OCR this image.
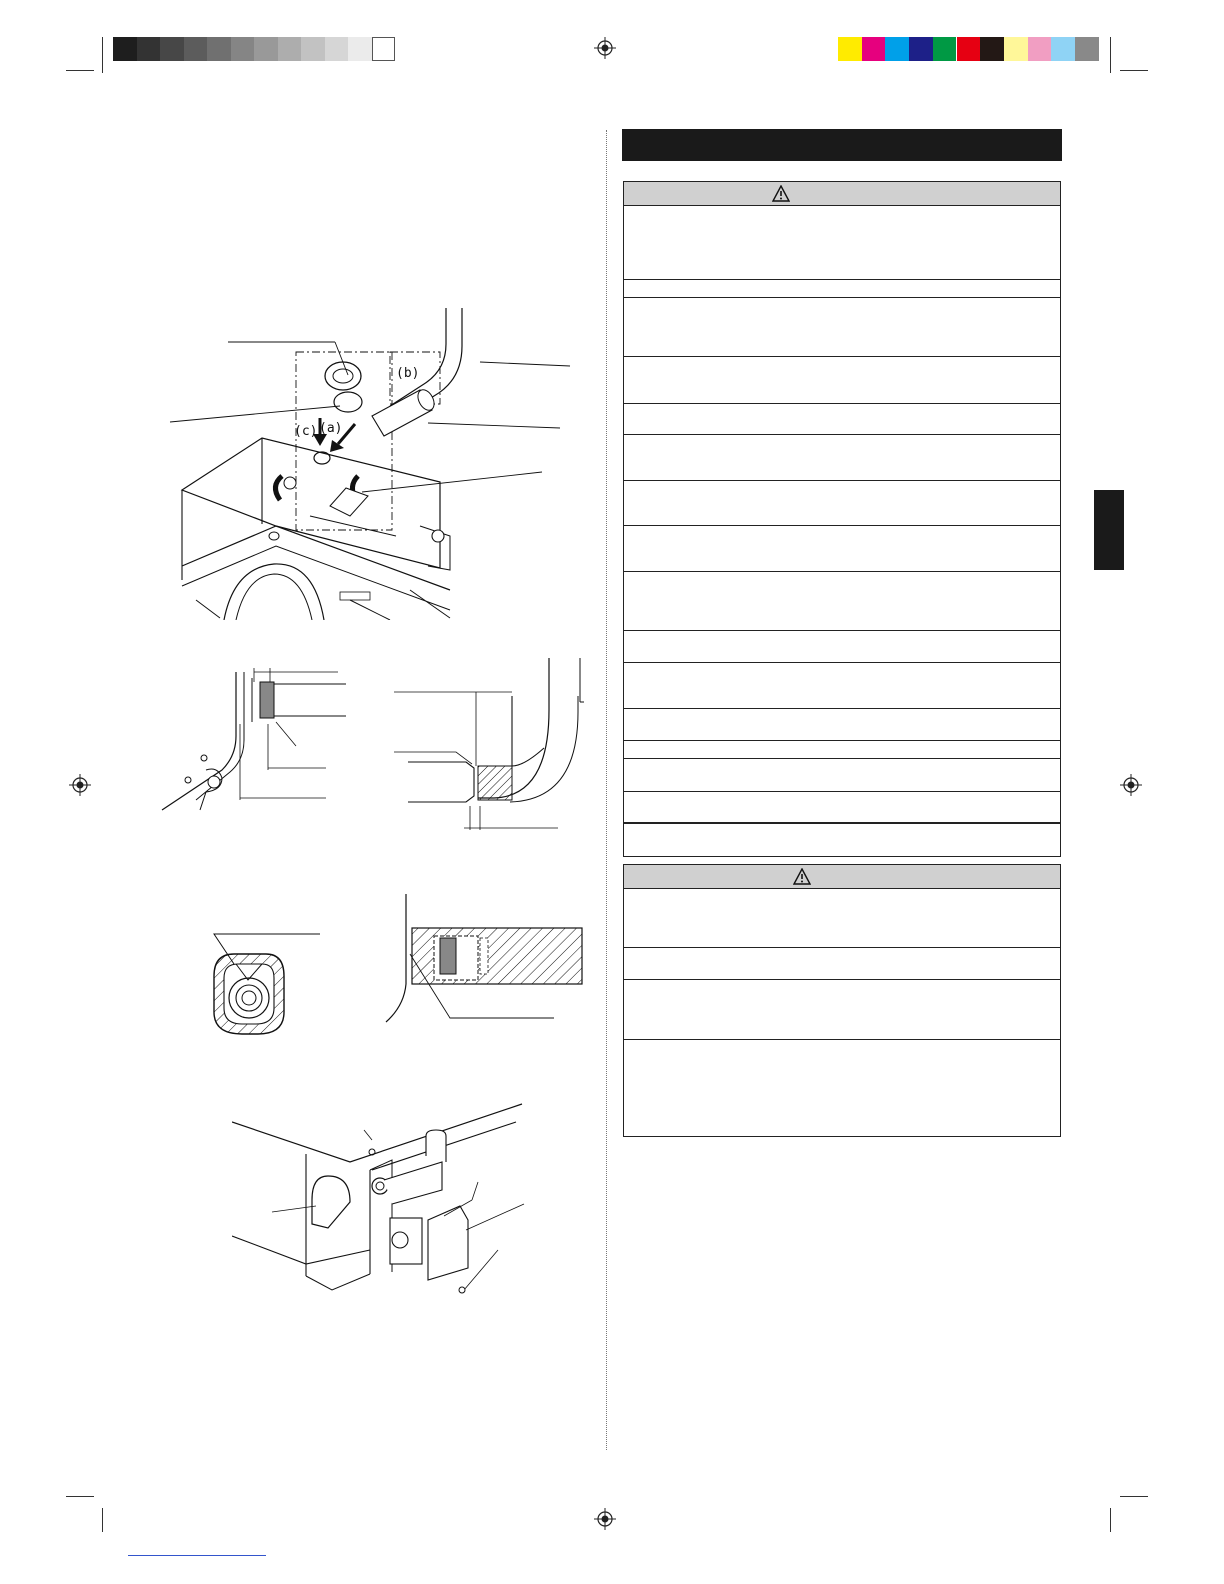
(a)
(b)
(c)
